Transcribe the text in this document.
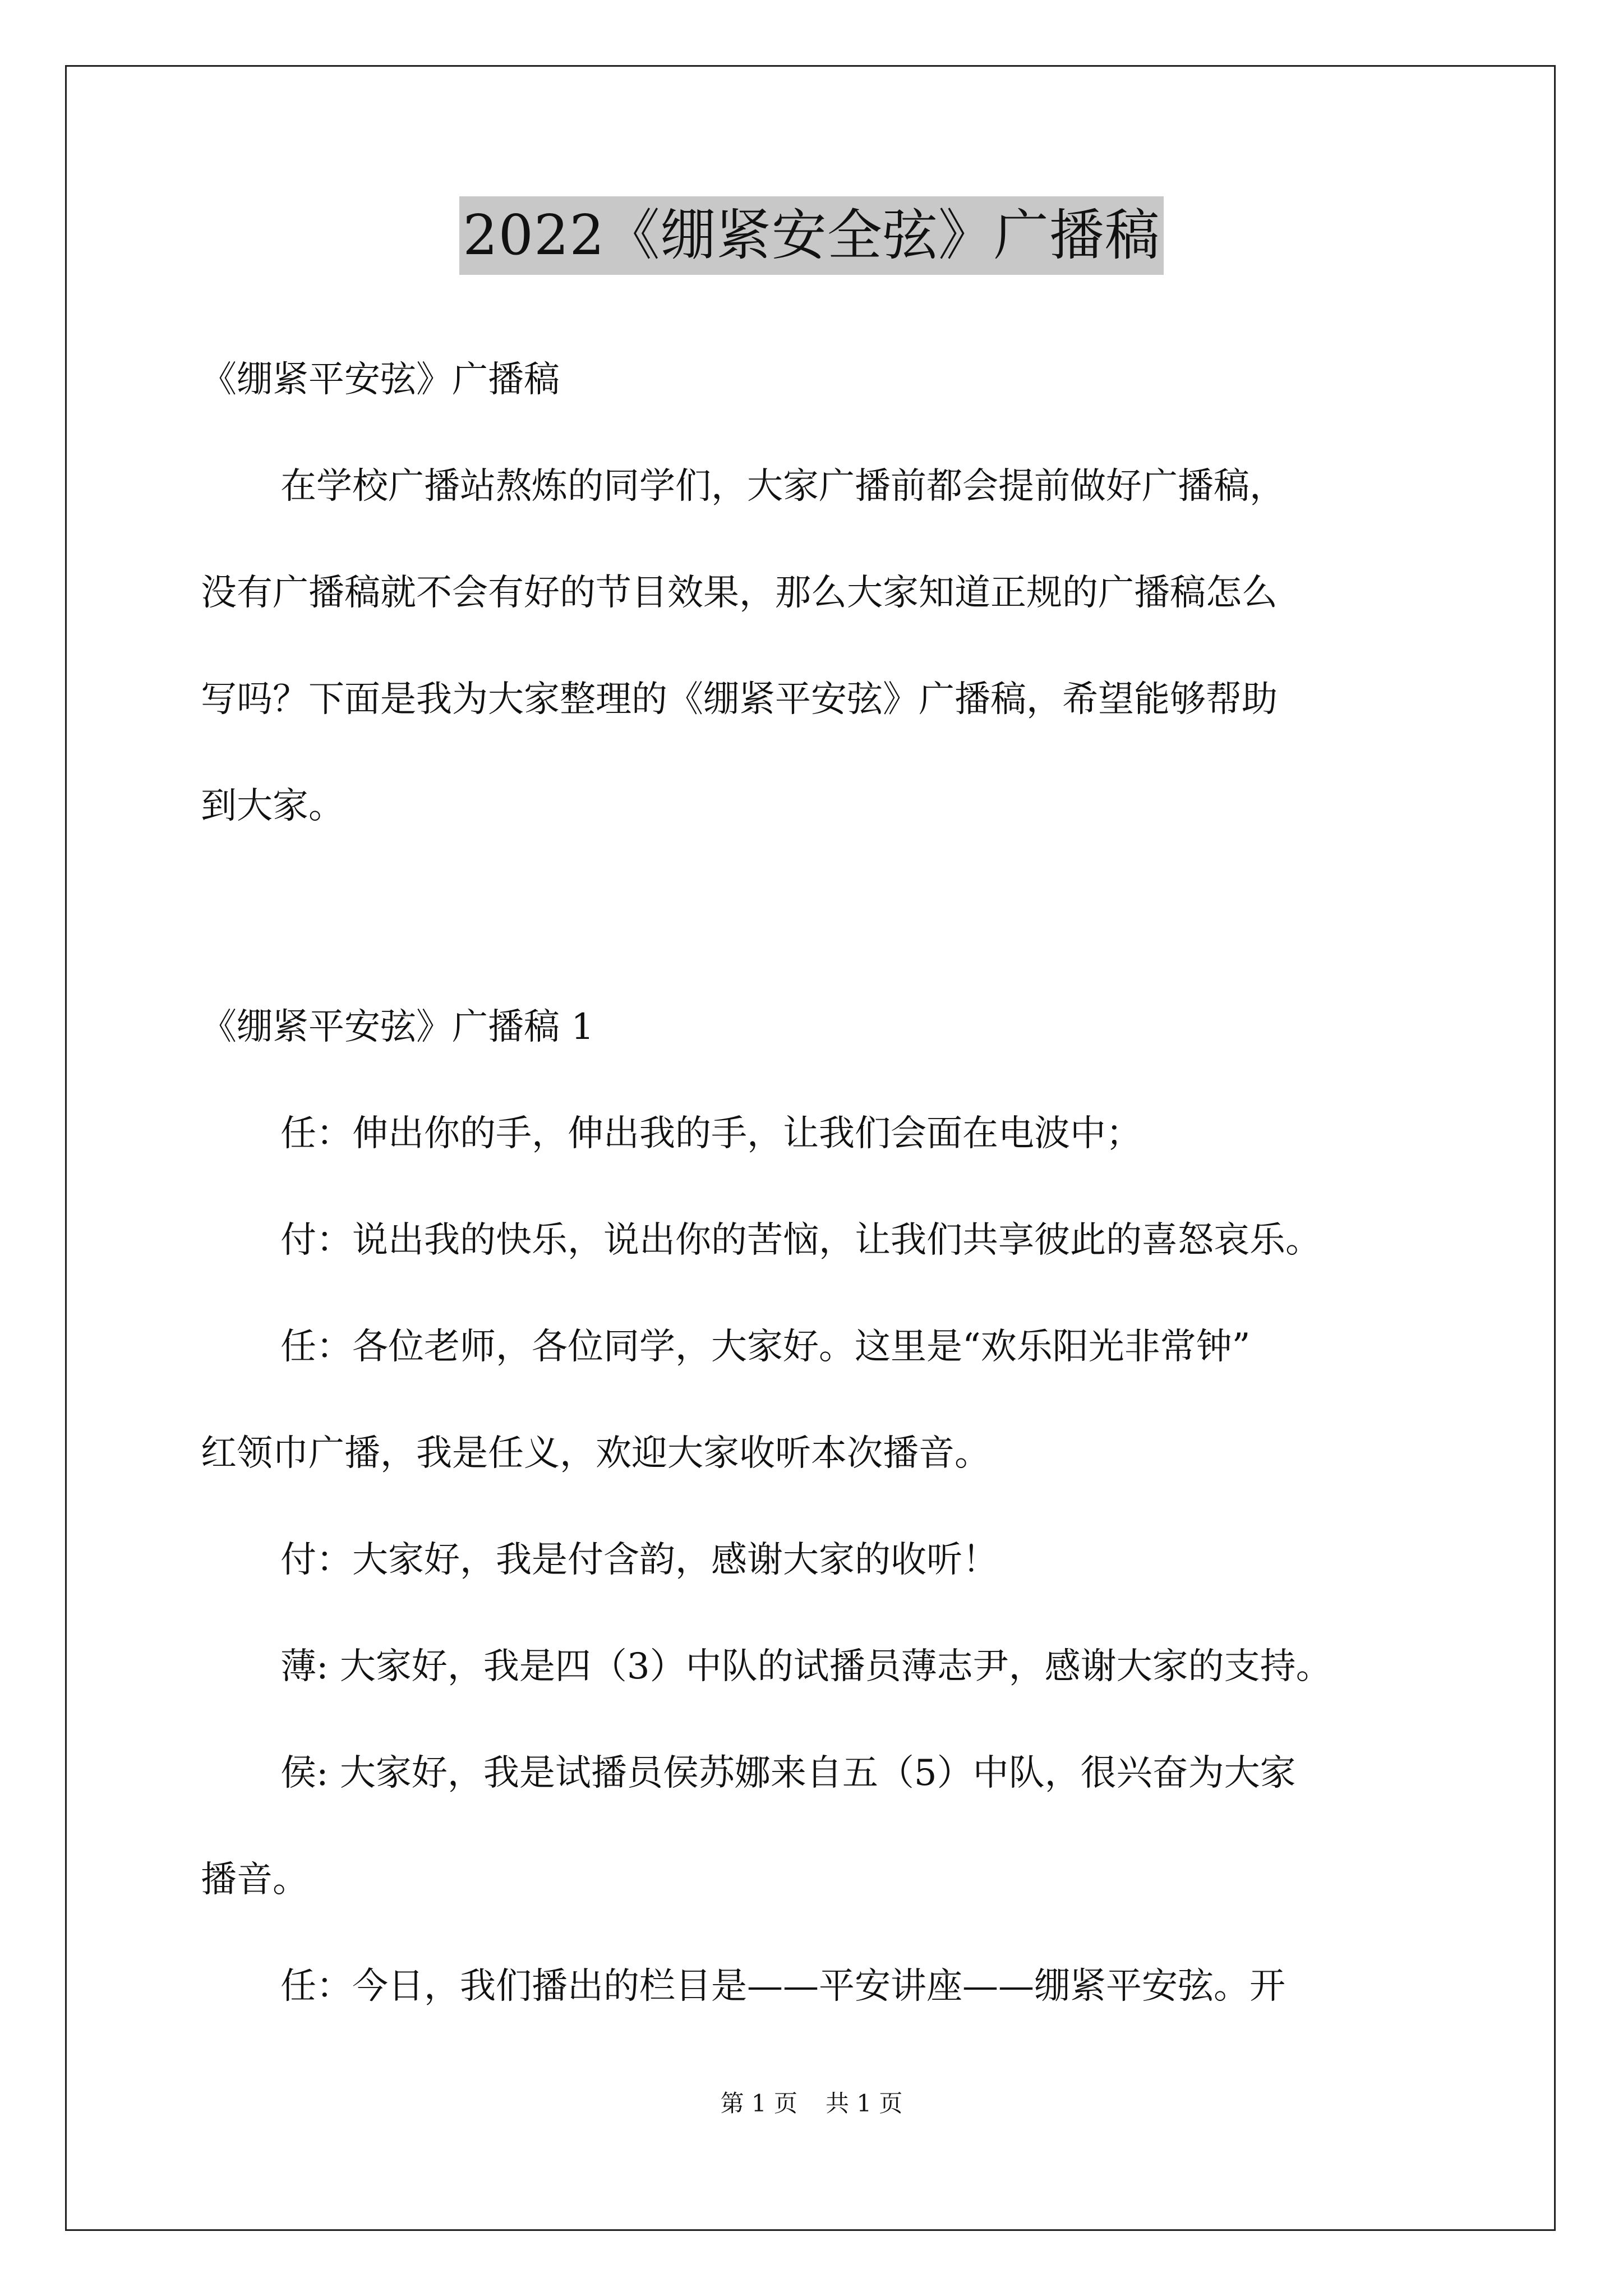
2022《绷紧安全弦》广播稿
《绷紧平安弦》广播稿
在学校广播站熬炼的同学们，大家广播前都会提前做好广播稿，
没有广播稿就不会有好的节目效果，那么大家知道正规的广播稿怎么
写吗？下面是我为大家整理的《绷紧平安弦》广播稿，希望能够帮助
到大家。
《绷紧平安弦》广播稿 1
任：伸出你的手，伸出我的手，让我们会面在电波中；
付：说出我的快乐，说出你的苦恼，让我们共享彼此的喜怒哀乐。
任：各位老师，各位同学，大家好。这里是“欢乐阳光非常钟”
红领巾广播，我是任义，欢迎大家收听本次播音。
付：大家好，我是付含韵，感谢大家的收听！
薄: 大家好，我是四（3）中队的试播员薄志尹，感谢大家的支持。
侯: 大家好，我是试播员侯苏娜来自五（5）中队，很兴奋为大家
播音。
任：今日，我们播出的栏目是——平安讲座——绷紧平安弦。开
第 1 页 共 1 页
